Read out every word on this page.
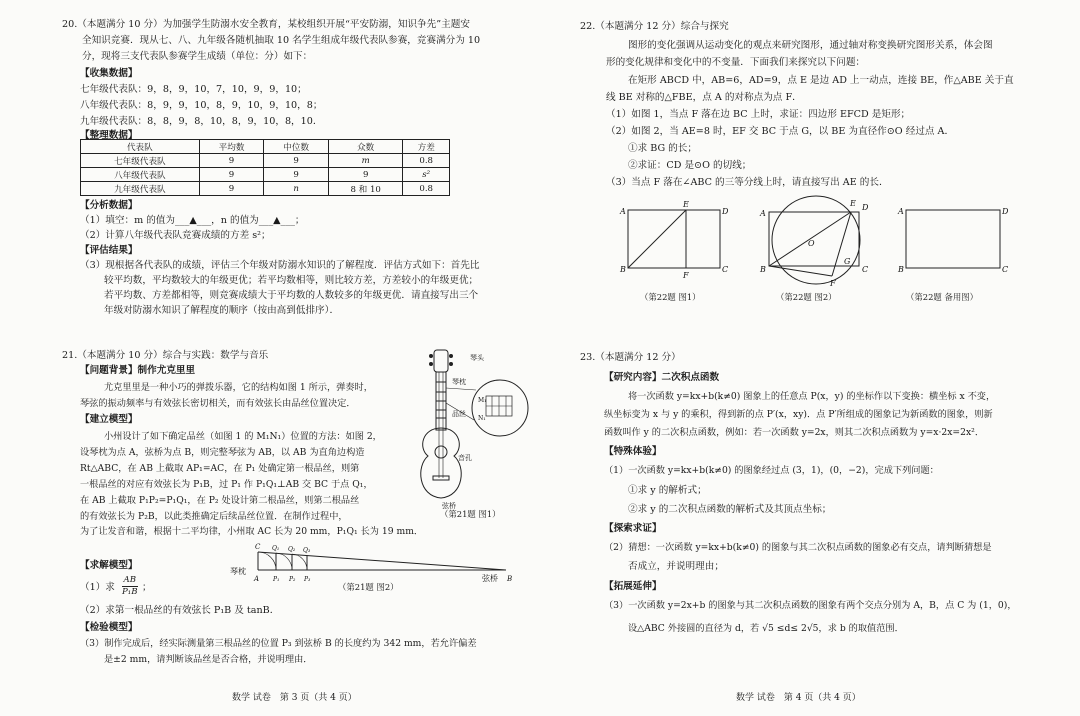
20.（本题满分 10 分）为加强学生防溺水安全教育，某校组织开展“平安防溺，知识争先”主题安
全知识竞赛．现从七、八、九年级各随机抽取 10 名学生组成年级代表队参赛，竞赛满分为 10
分，现将三支代表队参赛学生成绩（单位：分）如下：
【收集数据】
七年级代表队：9，8，9，10，7，10，9，9，10；
八年级代表队：8，9，9，10，8，9，10，9，10，8；
九年级代表队：8，8，9，8，10，8，9，10，8，10．
【整理数据】
代表队	平均数	中位数	众数	方差
七年级代表队	9	9	m	0.8
八年级代表队	9	9	9	s²
九年级代表队	9	n	8 和 10	0.8
【分析数据】
（1）填空：m 的值为___▲___，n 的值为___▲___；
（2）计算八年级代表队竞赛成绩的方差 s²；
【评估结果】
（3）现根据各代表队的成绩，评估三个年级对防溺水知识的了解程度．评估方式如下：首先比
较平均数，平均数较大的年级更优；若平均数相等，则比较方差，方差较小的年级更优；
若平均数、方差都相等，则竞赛成绩大于平均数的人数较多的年级更优．请直接写出三个
年级对防溺水知识了解程度的顺序（按由高到低排序）．
21.（本题满分 10 分）综合与实践：数学与音乐
【问题背景】制作尤克里里
尤克里里是一种小巧的弹拨乐器，它的结构如图 1 所示，弹奏时，
琴弦的振动频率与有效弦长密切相关，而有效弦长由品丝位置决定．
【建立模型】
小州设计了如下确定品丝（如图 1 的 M₁N₁）位置的方法：如图 2，
设琴枕为点 A，弦桥为点 B，则完整琴弦为 AB，以 AB 为直角边构造
Rt△ABC，在 AB 上截取 AP₁=AC，在 P₁ 处确定第一根品丝，则第
一根品丝的对应有效弦长为 P₁B，过 P₁ 作 P₁Q₁⊥AB 交 BC 于点 Q₁，
在 AB 上截取 P₁P₂=P₁Q₁，在 P₂ 处设计第二根品丝，则第二根品丝
的有效弦长为 P₂B，以此类推确定后续品丝位置．在制作过程中，
为了让发音和谐，根据十二平均律，小州取 AC 长为 20 mm，P₁Q₁ 长为 19 mm．
【求解模型】
（1）求 $\frac{AB}{\text{P₁B}}$ ；
（2）求第一根品丝的有效弦长 P₁B 及 tanB．
【检验模型】
（3）制作完成后，经实际测量第三根品丝的位置 P₃ 到弦桥 B 的长度约为 342 mm，若允许偏差
是±2 mm，请判断该品丝是否合格，并说明理由．
琴头
琴枕
品丝
音孔
弦桥
M₁
N₁
（第21题 图1）
琴枕
A P₁ P₂ P₃
C Q₁ Q₂ Q₃
弦桥 B
（第21题 图2）
数学 试卷　第 3 页（共 4 页）
22.（本题满分 12 分）综合与探究
图形的变化强调从运动变化的观点来研究图形，通过轴对称变换研究图形关系，体会图
形的变化规律和变化中的不变量．下面我们来探究以下问题：
在矩形 ABCD 中，AB=6，AD=9，点 E 是边 AD 上一动点，连接 BE，作△ABE 关于直
线 BE 对称的△FBE，点 A 的对称点为点 F．
（1）如图 1，当点 F 落在边 BC 上时，求证：四边形 EFCD 是矩形；
（2）如图 2，当 AE=8 时，EF 交 BC 于点 G，以 BE 为直径作⊙O 经过点 A．
①求 BG 的长；
②求证：CD 是⊙O 的切线；
（3）当点 F 落在∠ABC 的三等分线上时，请直接写出 AE 的长．
A
B	C
D
E
F
（第22题 图1）
A
B	C
D
E
F
G
O
（第22题 图2）
A
B	C
D
（第22题 备用图）
23.（本题满分 12 分）
【研究内容】二次积点函数
将一次函数 y=kx+b(k≠0) 图象上的任意点 P(x，y) 的坐标作以下变换：横坐标 x 不变，
纵坐标变为 x 与 y 的乘积，得到新的点 P′(x，xy)．点 P′所组成的图象记为新函数的图象，则新
函数叫作 y 的二次积点函数，例如：若一次函数 y=2x，则其二次积点函数为 y=x·2x=2x²．
【特殊体验】
（1）一次函数 y=kx+b(k≠0) 的图象经过点 (3，1)，(0，−2)，完成下列问题：
①求 y 的解析式；
②求 y 的二次积点函数的解析式及其顶点坐标；
【探索求证】
（2）猜想：一次函数 y=kx+b(k≠0) 的图象与其二次积点函数的图象必有交点，请判断猜想是
否成立，并说明理由；
【拓展延伸】
（3）一次函数 y=2x+b 的图象与其二次积点函数的图象有两个交点分别为 A，B，点 C 为 (1，0)，
设△ABC 外接圆的直径为 d，若 √5 ≤d≤ 2√5，求 b 的取值范围．
数学 试卷　第 4 页（共 4 页）
